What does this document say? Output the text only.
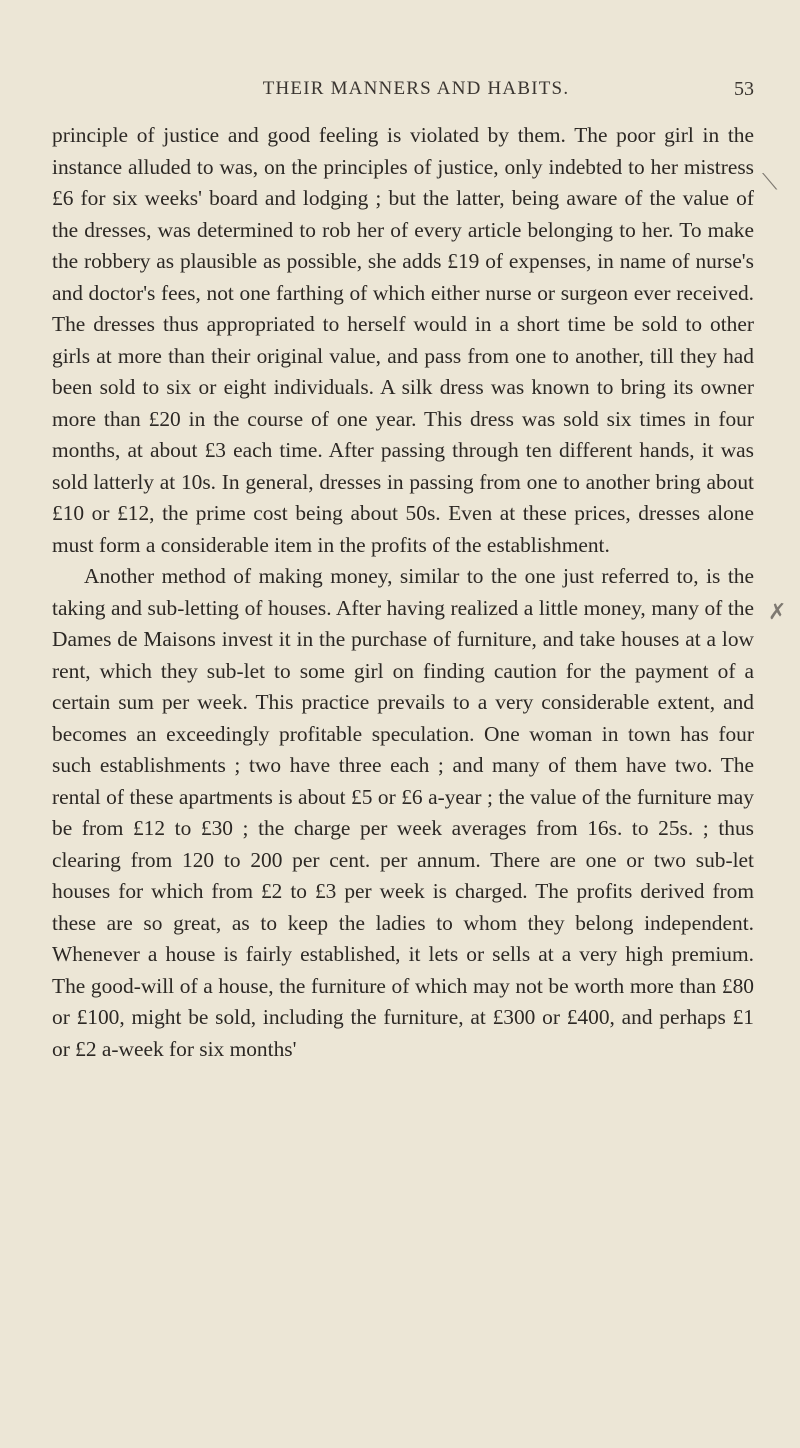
THEIR MANNERS AND HABITS.	53

principle of justice and good feeling is violated by them. The poor girl in the instance alluded to was, on the principles of justice, only indebted to her mistress £6 for six weeks' board and lodging ; but the latter, being aware of the value of the dresses, was determined to rob her of every article belonging to her. To make the robbery as plausible as possible, she adds £19 of expenses, in name of nurse's and doctor's fees, not one farthing of which either nurse or surgeon ever received. The dresses thus appropriated to herself would in a short time be sold to other girls at more than their original value, and pass from one to another, till they had been sold to six or eight individuals. A silk dress was known to bring its owner more than £20 in the course of one year. This dress was sold six times in four months, at about £3 each time. After passing through ten different hands, it was sold latterly at 10s. In general, dresses in passing from one to another bring about £10 or £12, the prime cost being about 50s. Even at these prices, dresses alone must form a considerable item in the profits of the establishment.

Another method of making money, similar to the one just referred to, is the taking and sub-letting of houses. After having realized a little money, many of the Dames de Maisons invest it in the purchase of furniture, and take houses at a low rent, which they sub-let to some girl on finding caution for the payment of a certain sum per week. This practice prevails to a very considerable extent, and becomes an exceedingly profitable speculation. One woman in town has four such establishments ; two have three each ; and many of them have two. The rental of these apartments is about £5 or £6 a-year ; the value of the furniture may be from £12 to £30 ; the charge per week averages from 16s. to 25s. ; thus clearing from 120 to 200 per cent. per annum. There are one or two sub-let houses for which from £2 to £3 per week is charged. The profits derived from these are so great, as to keep the ladies to whom they belong independent. Whenever a house is fairly established, it lets or sells at a very high premium. The good-will of a house, the furniture of which may not be worth more than £80 or £100, might be sold, including the furniture, at £300 or £400, and perhaps £1 or £2 a-week for six months'

⟍
✗
